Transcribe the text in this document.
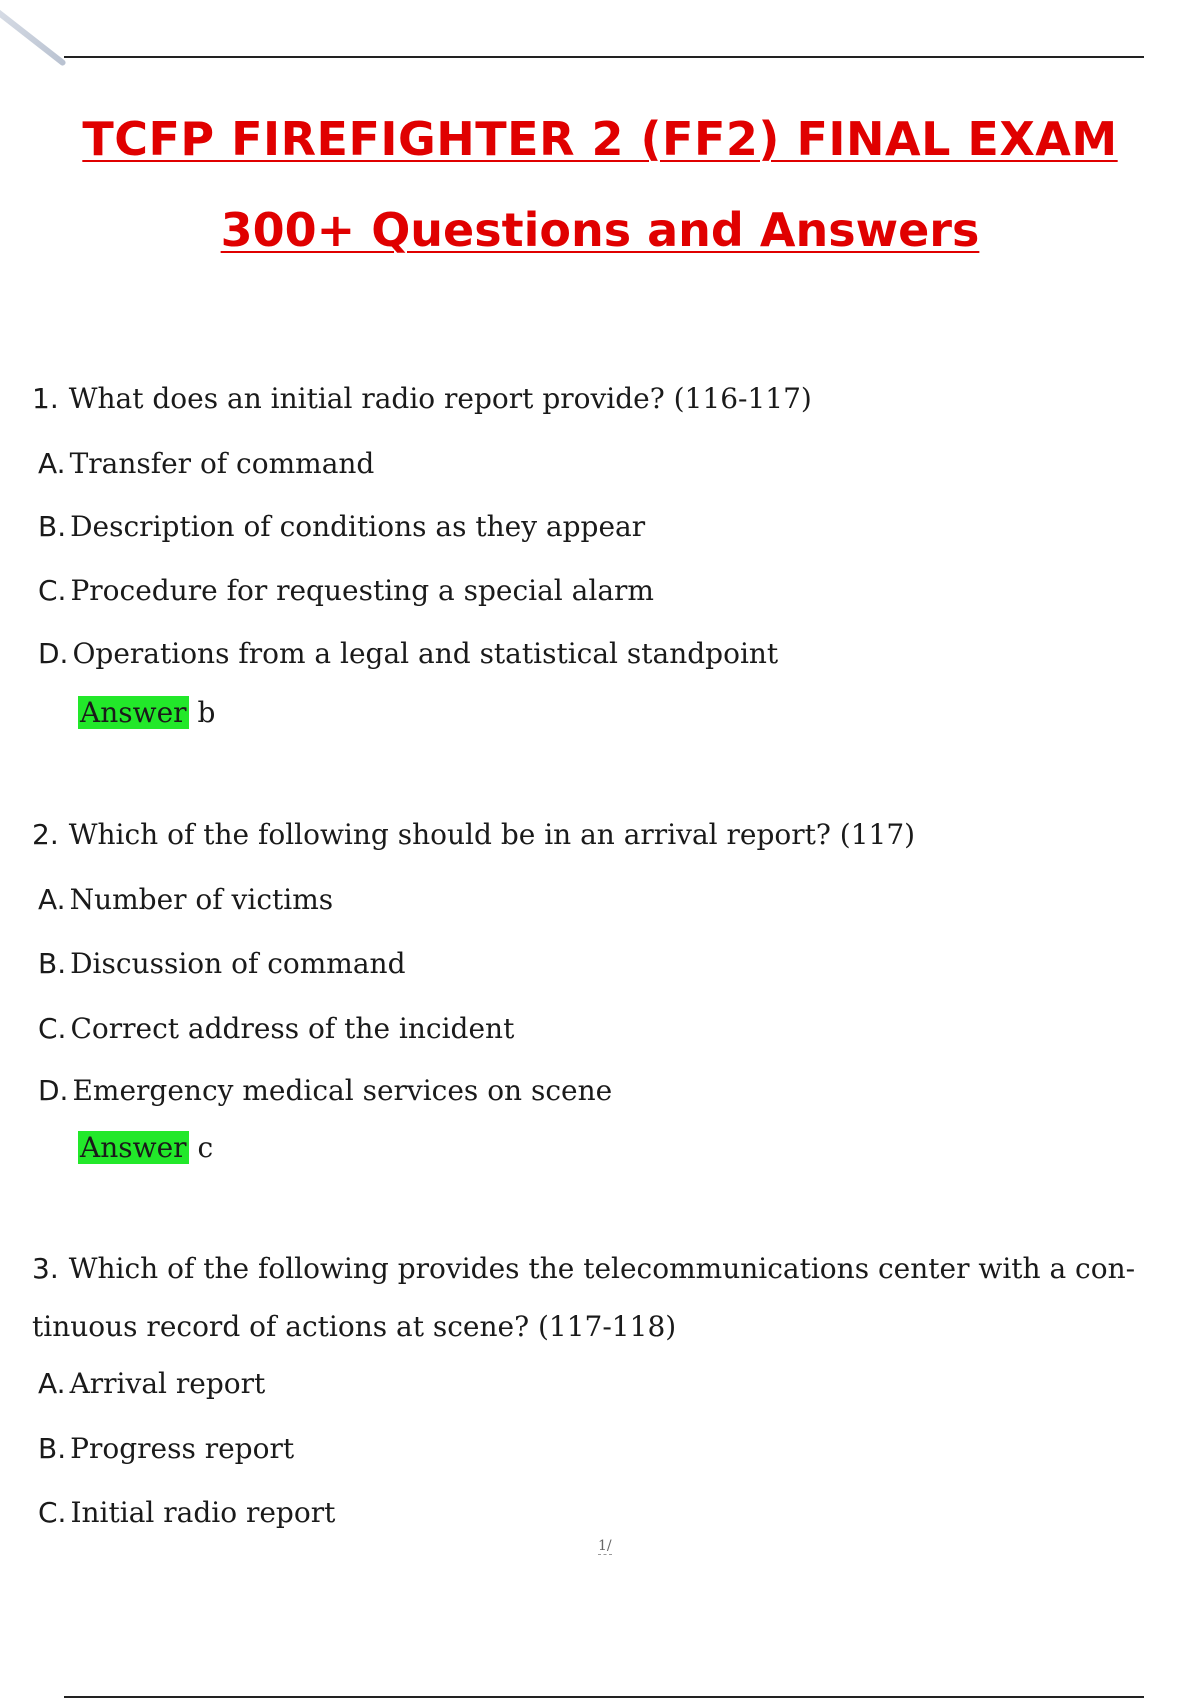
TCFP FIREFIGHTER 2 (FF2) FINAL EXAM
300+ Questions and Answers
1. What does an initial radio report provide? (116-117)
A. Transfer of command
B. Description of conditions as they appear
C. Procedure for requesting a special alarm
D. Operations from a legal and statistical standpoint
Answer b
2. Which of the following should be in an arrival report? (117)
A. Number of victims
B. Discussion of command
C. Correct address of the incident
D. Emergency medical services on scene
Answer c
3. Which of the following provides the telecommunications center with a con- tinuous record of actions at scene? (117-118)
A. Arrival report
B. Progress report
C. Initial radio report
1/
